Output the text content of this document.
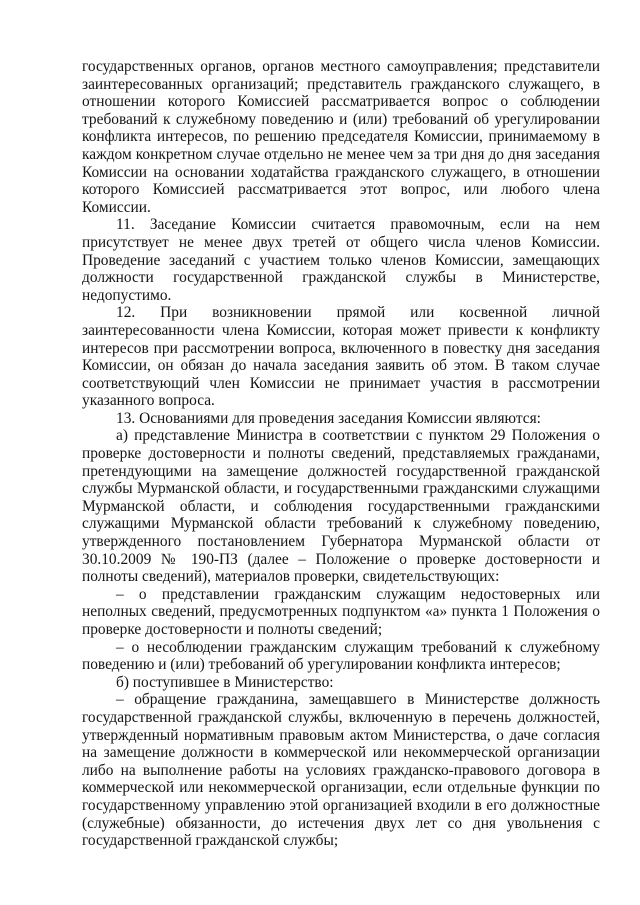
государственных органов, органов местного самоуправления; представители заинтересованных организаций; представитель гражданского служащего, в отношении которого Комиссией рассматривается вопрос о соблюдении требований к служебному поведению и (или) требований об урегулировании конфликта интересов, по решению председателя Комиссии, принимаемому в каждом конкретном случае отдельно не менее чем за три дня до дня заседания Комиссии на основании ходатайства гражданского служащего, в отношении которого Комиссией рассматривается этот вопрос, или любого члена Комиссии.

11. Заседание Комиссии считается правомочным, если на нем присутствует не менее двух третей от общего числа членов Комиссии. Проведение заседаний с участием только членов Комиссии, замещающих должности государственной гражданской службы в Министерстве, недопустимо.

12. При возникновении прямой или косвенной личной заинтересованности члена Комиссии, которая может привести к конфликту интересов при рассмотрении вопроса, включенного в повестку дня заседания Комиссии, он обязан до начала заседания заявить об этом. В таком случае соответствующий член Комиссии не принимает участия в рассмотрении указанного вопроса.

13. Основаниями для проведения заседания Комиссии являются:

а) представление Министра в соответствии с пунктом 29 Положения о проверке достоверности и полноты сведений, представляемых гражданами, претендующими на замещение должностей государственной гражданской службы Мурманской области, и государственными гражданскими служащими Мурманской области, и соблюдения государственными гражданскими служащими Мурманской области требований к служебному поведению, утвержденного постановлением Губернатора Мурманской области от 30.10.2009 № 190-ПЗ (далее – Положение о проверке достоверности и полноты сведений), материалов проверки, свидетельствующих:

– о представлении гражданским служащим недостоверных или неполных сведений, предусмотренных подпунктом «а» пункта 1 Положения о проверке достоверности и полноты сведений;

– о несоблюдении гражданским служащим требований к служебному поведению и (или) требований об урегулировании конфликта интересов;

б) поступившее в Министерство:

– обращение гражданина, замещавшего в Министерстве должность государственной гражданской службы, включенную в перечень должностей, утвержденный нормативным правовым актом Министерства, о даче согласия на замещение должности в коммерческой или некоммерческой организации либо на выполнение работы на условиях гражданско-правового договора в коммерческой или некоммерческой организации, если отдельные функции по государственному управлению этой организацией входили в его должностные (служебные) обязанности, до истечения двух лет со дня увольнения с государственной гражданской службы;
